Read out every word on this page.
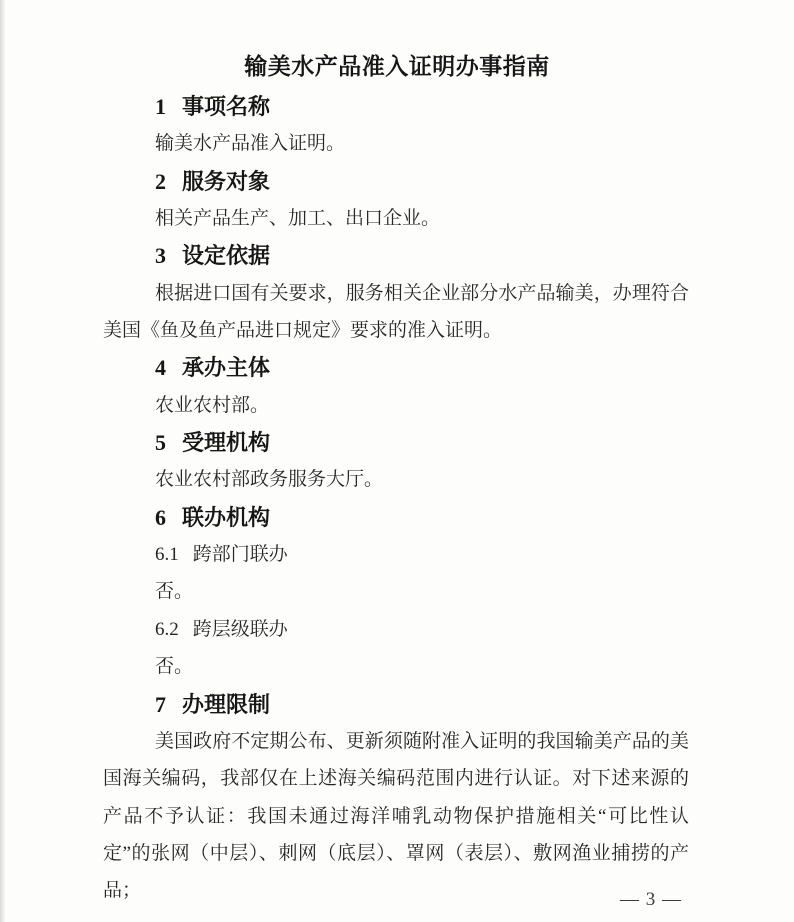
输美水产品准入证明办事指南
1 事项名称

输美水产品准入证明。

2 服务对象

相关产品生产、加工、出口企业。

3 设定依据

根据进口国有关要求，服务相关企业部分水产品输美，办理符合美国《鱼及鱼产品进口规定》要求的准入证明。

4 承办主体

农业农村部。

5 受理机构

农业农村部政务服务大厅。

6 联办机构

6.1 跨部门联办

否。

6.2 跨层级联办

否。

7 办理限制

美国政府不定期公布、更新须随附准入证明的我国输美产品的美国海关编码，我部仅在上述海关编码范围内进行认证。对下述来源的产品不予认证：我国未通过海洋哺乳动物保护措施相关“可比性认定”的张网（中层）、刺网（底层）、罩网（表层）、敷网渔业捕捞的产品；	— 3 —
